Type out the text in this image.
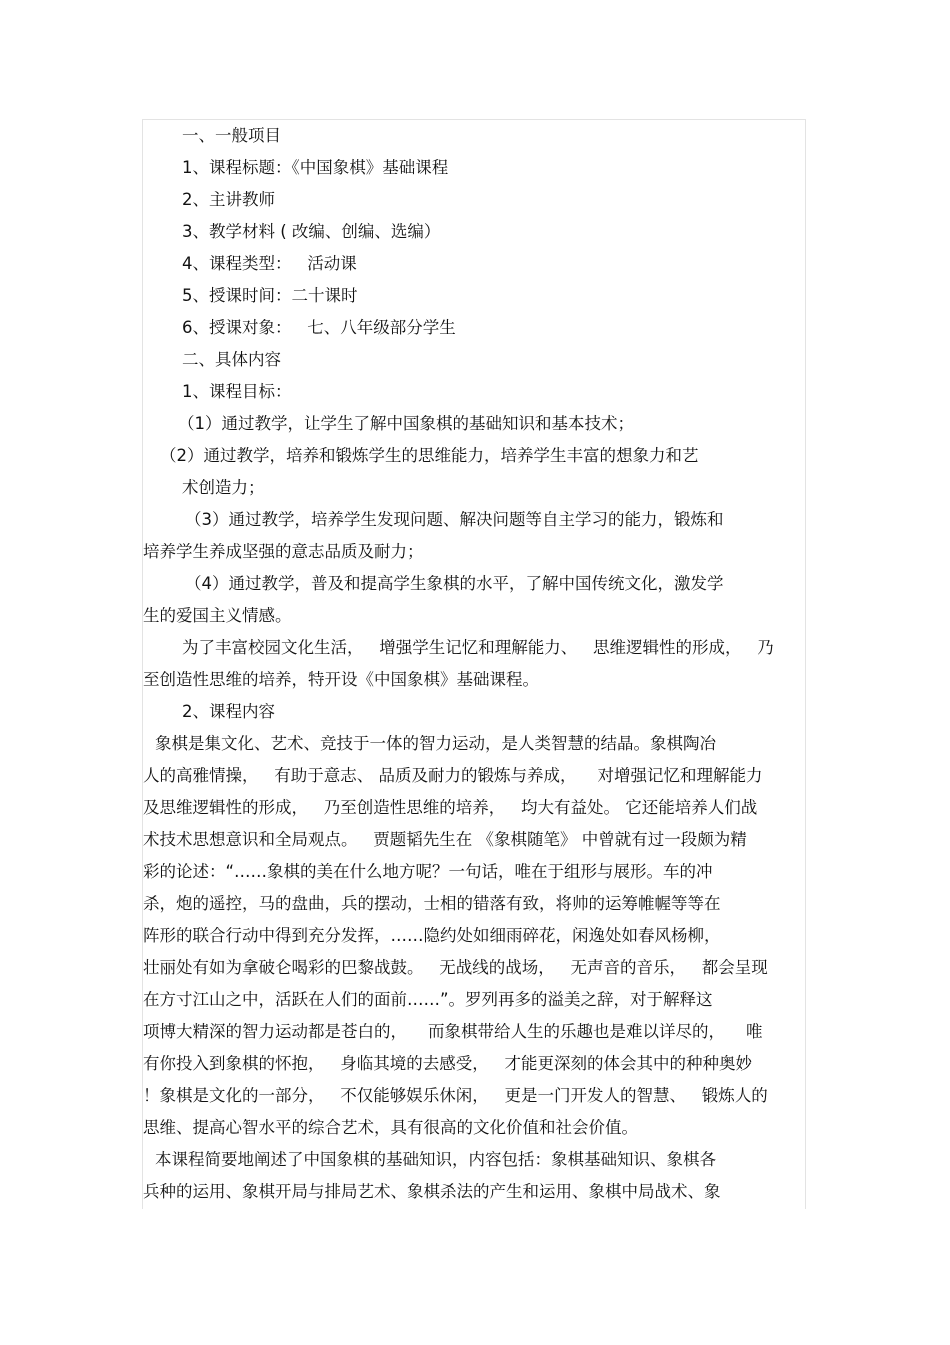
一、一般项目
1、课程标题：《中国象棋》基础课程
2、主讲教师
3、教学材料 ( 改编、创编、选编）
4、课程类型：   活动课
5、授课时间：二十课时
6、授课对象：   七、八年级部分学生
二、具体内容
1、课程目标：
（1）通过教学，让学生了解中国象棋的基础知识和基本技术；
（2）通过教学，培养和锻炼学生的思维能力，培养学生丰富的想象力和艺
术创造力；
（3）通过教学，培养学生发现问题、解决问题等自主学习的能力，锻炼和
培养学生养成坚强的意志品质及耐力；
（4）通过教学，普及和提高学生象棋的水平，了解中国传统文化，激发学
生的爱国主义情感。
为了丰富校园文化生活，   增强学生记忆和理解能力、   思维逻辑性的形成，   乃
至创造性思维的培养，特开设《中国象棋》基础课程。
2、课程内容
象棋是集文化、艺术、竞技于一体的智力运动，是人类智慧的结晶。象棋陶冶
人的高雅情操，   有助于意志、 品质及耐力的锻炼与养成，    对增强记忆和理解能力
及思维逻辑性的形成，   乃至创造性思维的培养，   均大有益处。 它还能培养人们战
术技术思想意识和全局观点。   贾题韬先生在 《象棋随笔》 中曾就有过一段颇为精
彩的论述：“……象棋的美在什么地方呢？一句话，唯在于组形与展形。车的冲
杀，炮的遥控，马的盘曲，兵的摆动，士相的错落有致，将帅的运筹帷幄等等在
阵形的联合行动中得到充分发挥，……隐约处如细雨碎花，闲逸处如春风杨柳，
壮丽处有如为拿破仑喝彩的巴黎战鼓。   无战线的战场，   无声音的音乐，   都会呈现
在方寸江山之中，活跃在人们的面前……”。罗列再多的溢美之辞，对于解释这
项博大精深的智力运动都是苍白的，    而象棋带给人生的乐趣也是难以详尽的，    唯
有你投入到象棋的怀抱，   身临其境的去感受，   才能更深刻的体会其中的种种奥妙
！象棋是文化的一部分，   不仅能够娱乐休闲，   更是一门开发人的智慧、   锻炼人的
思维、提高心智水平的综合艺术，具有很高的文化价值和社会价值。
本课程简要地阐述了中国象棋的基础知识，内容包括：象棋基础知识、象棋各
兵种的运用、象棋开局与排局艺术、象棋杀法的产生和运用、象棋中局战术、象
